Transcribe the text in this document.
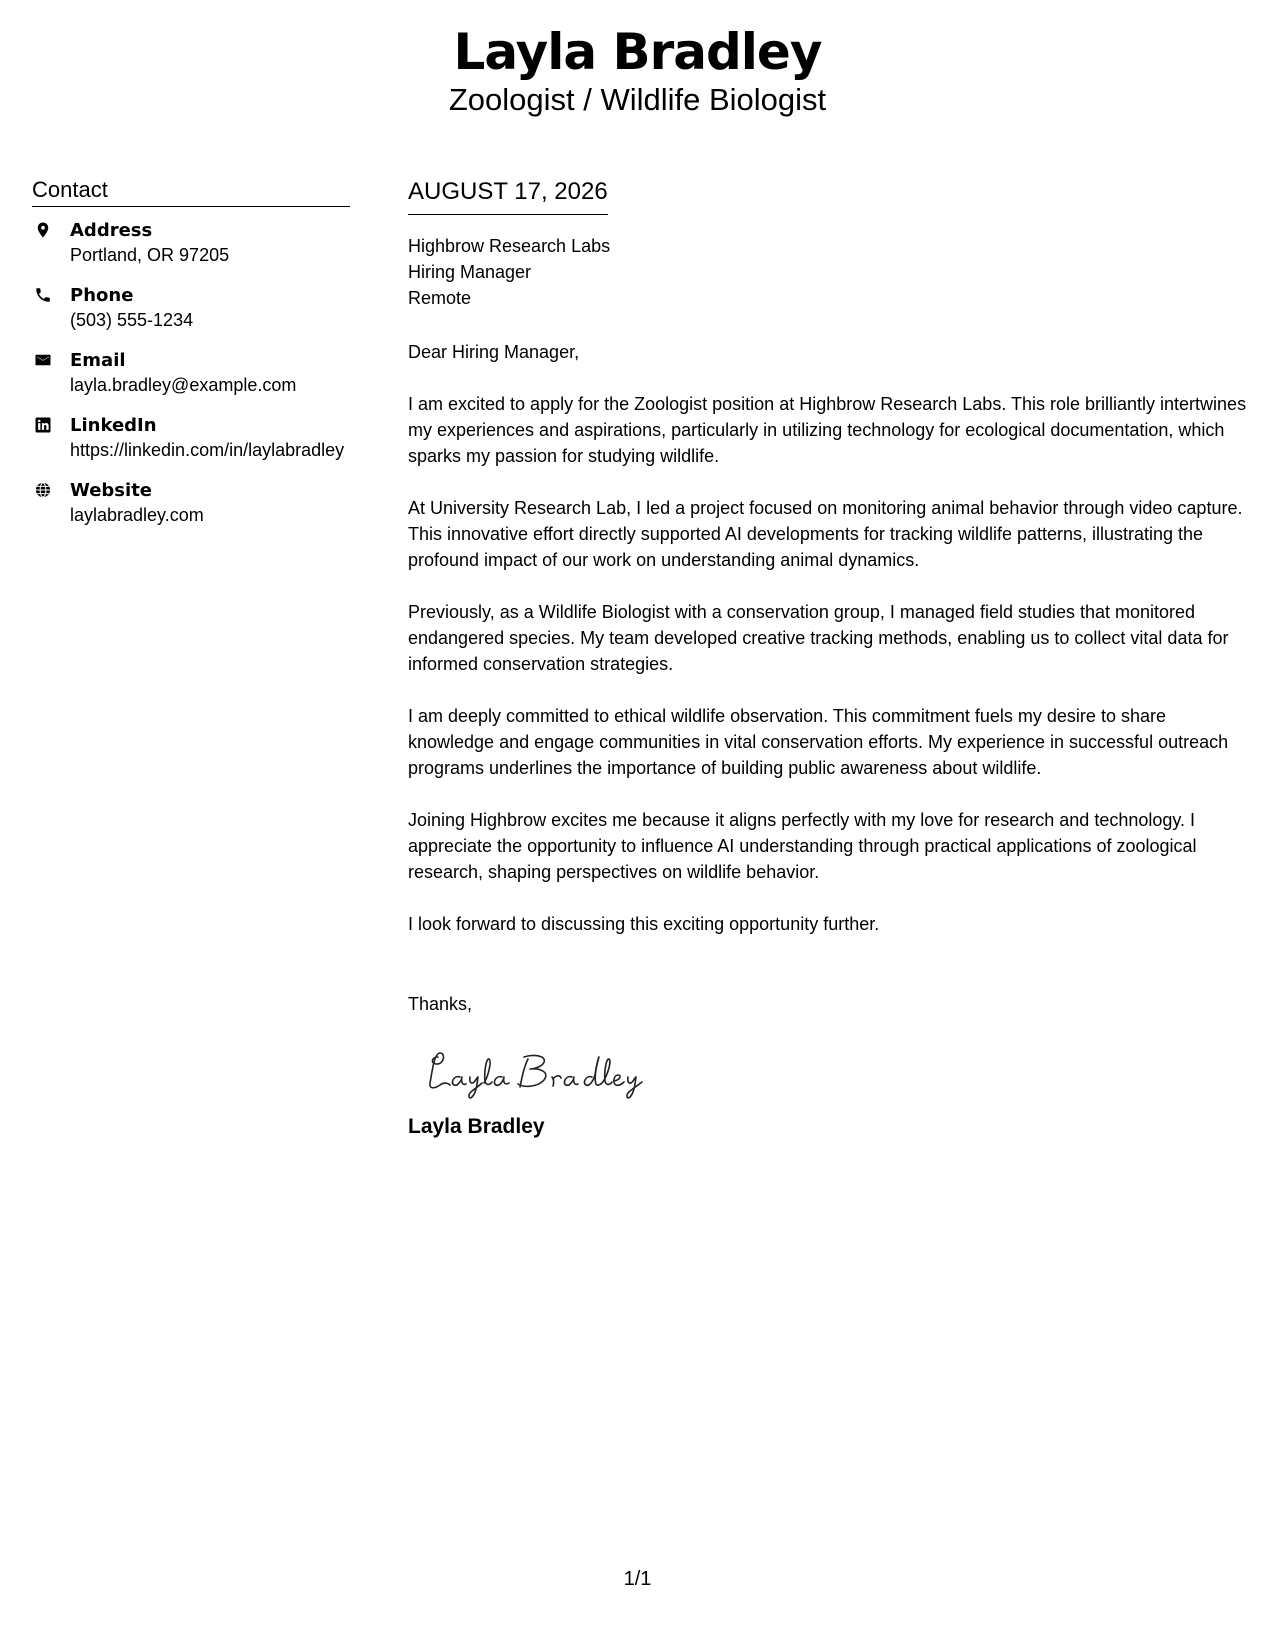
Layla Bradley
Zoologist / Wildlife Biologist
Contact
Address
Portland, OR 97205
Phone
(503) 555-1234
Email
layla.bradley@example.com
LinkedIn
https://linkedin.com/in/laylabradley
Website
laylabradley.com
AUGUST 17, 2026
Highbrow Research Labs
Hiring Manager
Remote
Dear Hiring Manager,
I am excited to apply for the Zoologist position at Highbrow Research Labs. This role brilliantly intertwines my experiences and aspirations, particularly in utilizing technology for ecological documentation, which sparks my passion for studying wildlife.
At University Research Lab, I led a project focused on monitoring animal behavior through video capture. This innovative effort directly supported AI developments for tracking wildlife patterns, illustrating the profound impact of our work on understanding animal dynamics.
Previously, as a Wildlife Biologist with a conservation group, I managed field studies that monitored endangered species. My team developed creative tracking methods, enabling us to collect vital data for informed conservation strategies.
I am deeply committed to ethical wildlife observation. This commitment fuels my desire to share knowledge and engage communities in vital conservation efforts. My experience in successful outreach programs underlines the importance of building public awareness about wildlife.
Joining Highbrow excites me because it aligns perfectly with my love for research and technology. I appreciate the opportunity to influence AI understanding through practical applications of zoological research, shaping perspectives on wildlife behavior.
I look forward to discussing this exciting opportunity further.
Thanks,
Layla Bradley
1/1
